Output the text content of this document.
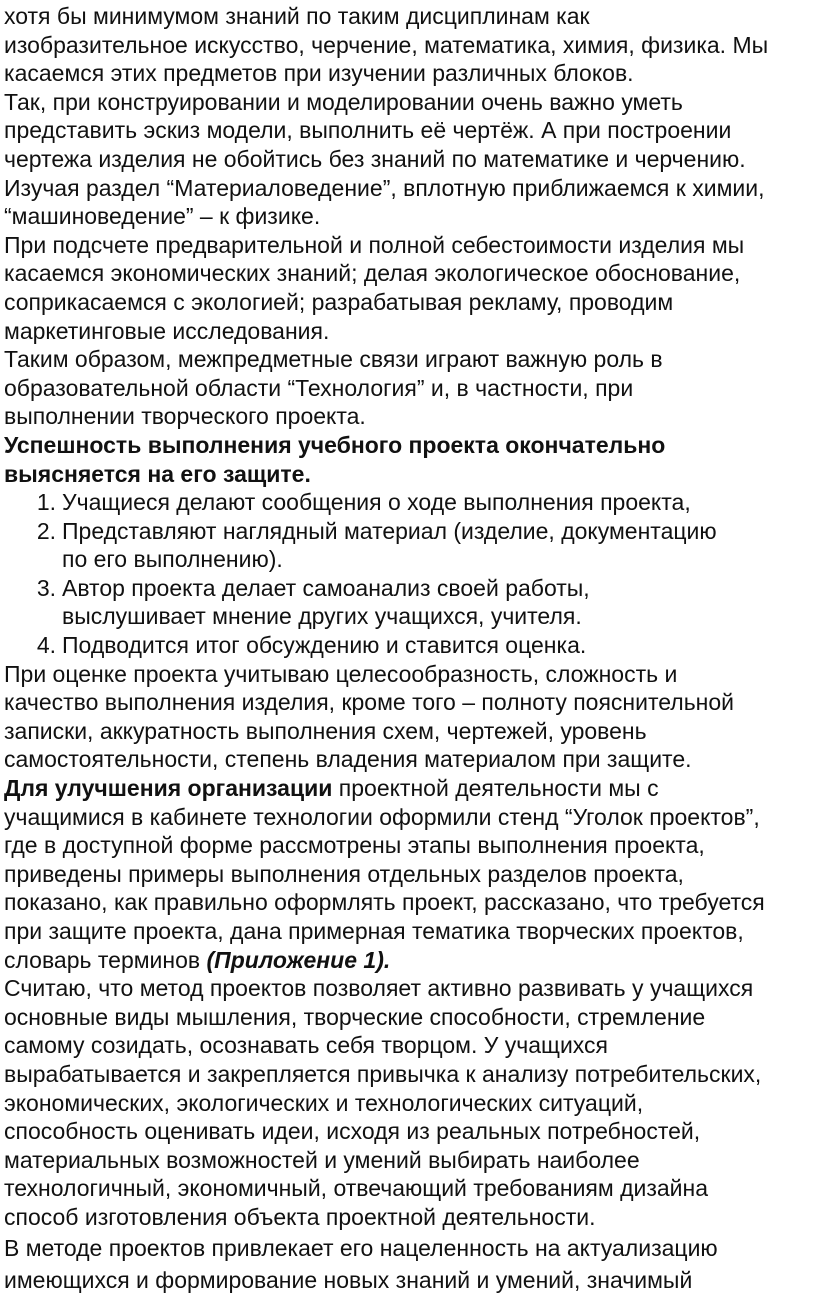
хотя бы минимумом знаний по таким дисциплинам как
изобразительное искусство, черчение, математика, химия, физика. Мы
касаемся этих предметов при изучении различных блоков.

Так, при конструировании и моделировании очень важно уметь
представить эскиз модели, выполнить её чертёж. А при построении
чертежа изделия не обойтись без знаний по математике и черчению.
Изучая раздел “Материаловедение”, вплотную приближаемся к химии,
“машиноведение” – к физике.

При подсчете предварительной и полной себестоимости изделия мы
касаемся экономических знаний; делая экологическое обоснование,
соприкасаемся с экологией; разрабатывая рекламу, проводим
маркетинговые исследования.

Таким образом, межпредметные связи играют важную роль в
образовательной области “Технология” и, в частности, при
выполнении творческого проекта.

Успешность выполнения учебного проекта окончательно
выясняется на его защите.

1. Учащиеся делают сообщения о ходе выполнения проекта,
2. Представляют наглядный материал (изделие, документацию
по его выполнению).
3. Автор проекта делает самоанализ своей работы,
выслушивает мнение других учащихся, учителя.
4. Подводится итог обсуждению и ставится оценка.

При оценке проекта учитываю целесообразность, сложность и
качество выполнения изделия, кроме того – полноту пояснительной
записки, аккуратность выполнения схем, чертежей, уровень
самостоятельности, степень владения материалом при защите.

Для улучшения организации проектной деятельности мы с
учащимися в кабинете технологии оформили стенд “Уголок проектов”,
где в доступной форме рассмотрены этапы выполнения проекта,
приведены примеры выполнения отдельных разделов проекта,
показано, как правильно оформлять проект, рассказано, что требуется
при защите проекта, дана примерная тематика творческих проектов,
словарь терминов (Приложение 1).

Считаю, что метод проектов позволяет активно развивать у учащихся
основные виды мышления, творческие способности, стремление
самому созидать, осознавать себя творцом. У учащихся
вырабатывается и закрепляется привычка к анализу потребительских,
экономических, экологических и технологических ситуаций,
способность оценивать идеи, исходя из реальных потребностей,
материальных возможностей и умений выбирать наиболее
технологичный, экономичный, отвечающий требованиям дизайна
способ изготовления объекта проектной деятельности.

В методе проектов привлекает его нацеленность на актуализацию
имеющихся и формирование новых знаний и умений, значимый
